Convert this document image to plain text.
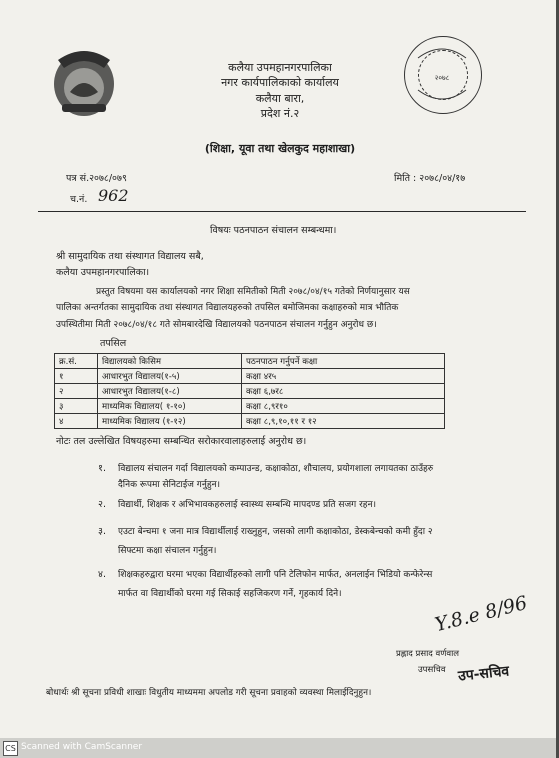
२०७८
कलैया उपमहानगरपालिका
नगर कार्यपालिकाको कार्यालय
कलैया बारा,
प्रदेश नं.२
(शिक्षा, यूवा तथा खेलकुद महाशाखा)
पत्र सं.२०७८/०७९
च.नं. 962
मिति : २०७८/०४/१७
विषयः पठनपाठन संचालन सम्बन्धमा।
श्री सामुदायिक तथा संस्थागत विद्यालय सबै,
कलैया उपमहानगरपालिका।
प्रस्तुत विषयमा यस कार्यालयको नगर शिक्षा समितीको मिती २०७८/०४/१५ गतेको निर्णयानुसार यस
पालिका अन्तर्गतका सामुदायिक तथा संस्थागत विद्यालयहरुको तपसिल बमोजिमका कक्षाहरुको मात्र भौतिक
उपस्थितीमा मिती २०७८/०४/१८ गते सोमबारदेखि विद्यालयको पठनपाठन संचालन गर्नुहुन अनुरोध छ।
तपसिल
क्र.सं.	विद्यालयको किसिम	पठनपाठन गर्नुपर्ने कक्षा
१	आधारभुत विद्यालय(१-५)	कक्षा ४र५
२	आधारभुत विद्यालय(१-८)	कक्षा ६,७र८
३	माध्यमिक विद्यालय( १-१०)	कक्षा ८,९र१०
४	माध्यमिक विद्यालय (१-१२)	कक्षा ८,९,१०,११ र १२
नोटः तल उल्लेखित विषयहरुमा सम्बन्धित सरोकारवालाहरुलाई अनुरोध छ।
१. विद्यालय संचालन गर्दा विद्यालयको कम्पाउन्ड, कक्षाकोठा, शौचालय, प्रयोगशाला लगायतका ठाउँहरु
दैनिक रूपमा सेनिटाईज गर्नुहुन।
२. विद्यार्थी, शिक्षक र अभिभावकहरुलाई स्वास्थ्य सम्बन्धि मापदण्ड प्रति सजग रहन।
३. एउटा बेन्चमा १ जना मात्र विद्यार्थीलाई राख्नुहुन, जसको लागी कक्षाकोठा, डेस्कबेन्चको कमी हुँदा २
सिफ्टमा कक्षा संचालन गर्नुहुन।
४. शिक्षकहरुद्वारा घरमा भएका विद्यार्थीहरुको लागी पनि टेलिफोन मार्फत, अनलाईन भिडियो कन्फेरेन्स
मार्फत वा विद्यार्थीको घरमा गई सिकाई सहजिकरण गर्ने, गृहकार्य दिने।	Y.8.e 8/96
प्रह्लाद प्रसाद वर्णवाल
उपसचिव उप-सचिव
बोधार्थः श्री सूचना प्रविधी शाखाः विधुतीय माध्यममा अपलोड गरी सूचना प्रवाहको व्यवस्था मिलाईदिनुहुन।
CS Scanned with CamScanner
